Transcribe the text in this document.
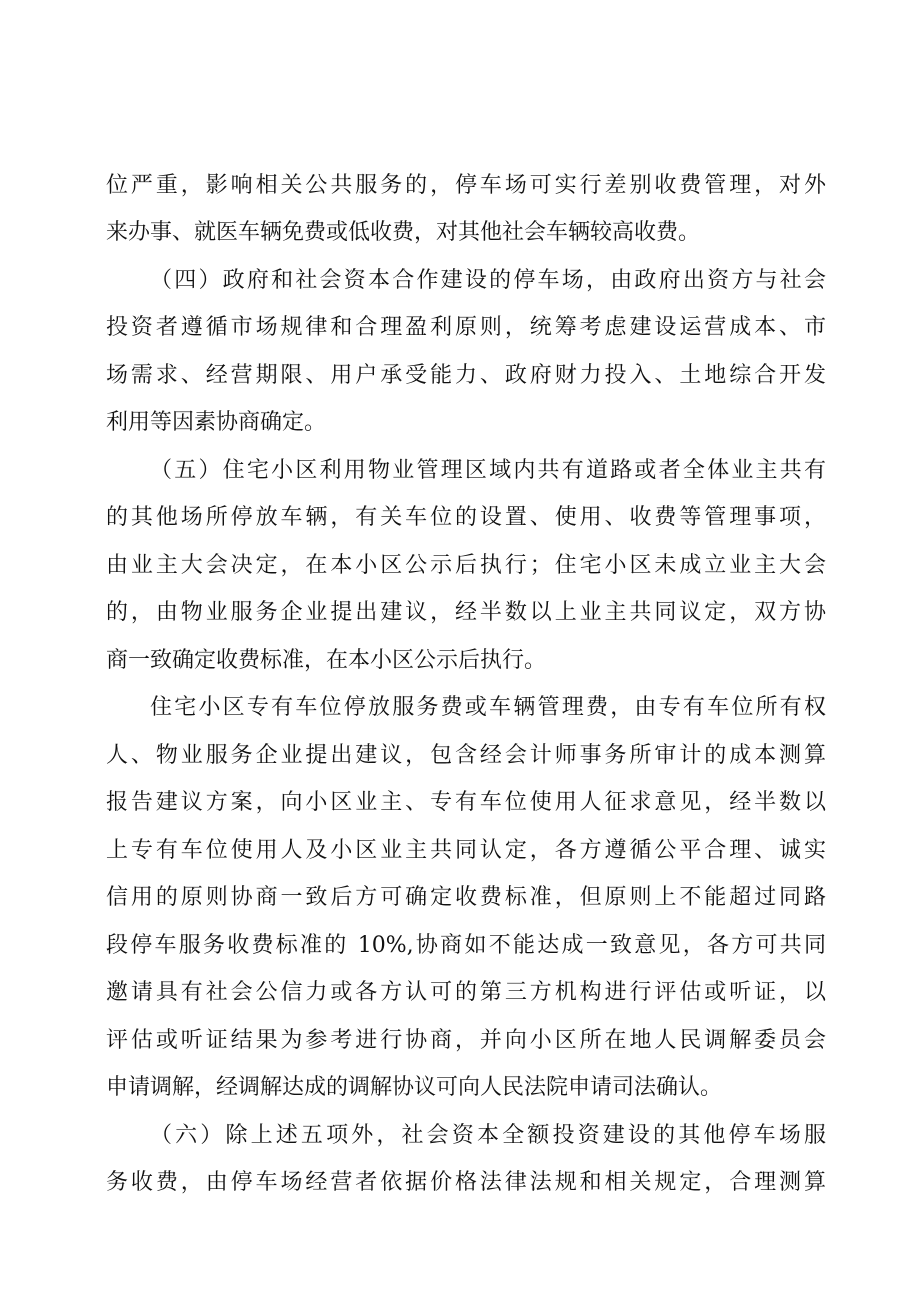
位严重，影响相关公共服务的，停车场可实行差别收费管理，对外
来办事、就医车辆免费或低收费，对其他社会车辆较高收费。
（四）政府和社会资本合作建设的停车场，由政府出资方与社会
投资者遵循市场规律和合理盈利原则，统筹考虑建设运营成本、市
场需求、经营期限、用户承受能力、政府财力投入、土地综合开发
利用等因素协商确定。
（五）住宅小区利用物业管理区域内共有道路或者全体业主共有
的其他场所停放车辆，有关车位的设置、使用、收费等管理事项，
由业主大会决定，在本小区公示后执行；住宅小区未成立业主大会
的，由物业服务企业提出建议，经半数以上业主共同议定，双方协
商一致确定收费标准，在本小区公示后执行。
住宅小区专有车位停放服务费或车辆管理费，由专有车位所有权
人、物业服务企业提出建议，包含经会计师事务所审计的成本测算
报告建议方案，向小区业主、专有车位使用人征求意见，经半数以
上专有车位使用人及小区业主共同认定，各方遵循公平合理、诚实
信用的原则协商一致后方可确定收费标准，但原则上不能超过同路
段停车服务收费标准的 10%,协商如不能达成一致意见，各方可共同
邀请具有社会公信力或各方认可的第三方机构进行评估或听证，以
评估或听证结果为参考进行协商，并向小区所在地人民调解委员会
申请调解，经调解达成的调解协议可向人民法院申请司法确认。
（六）除上述五项外，社会资本全额投资建设的其他停车场服
务收费，由停车场经营者依据价格法律法规和相关规定，合理测算
